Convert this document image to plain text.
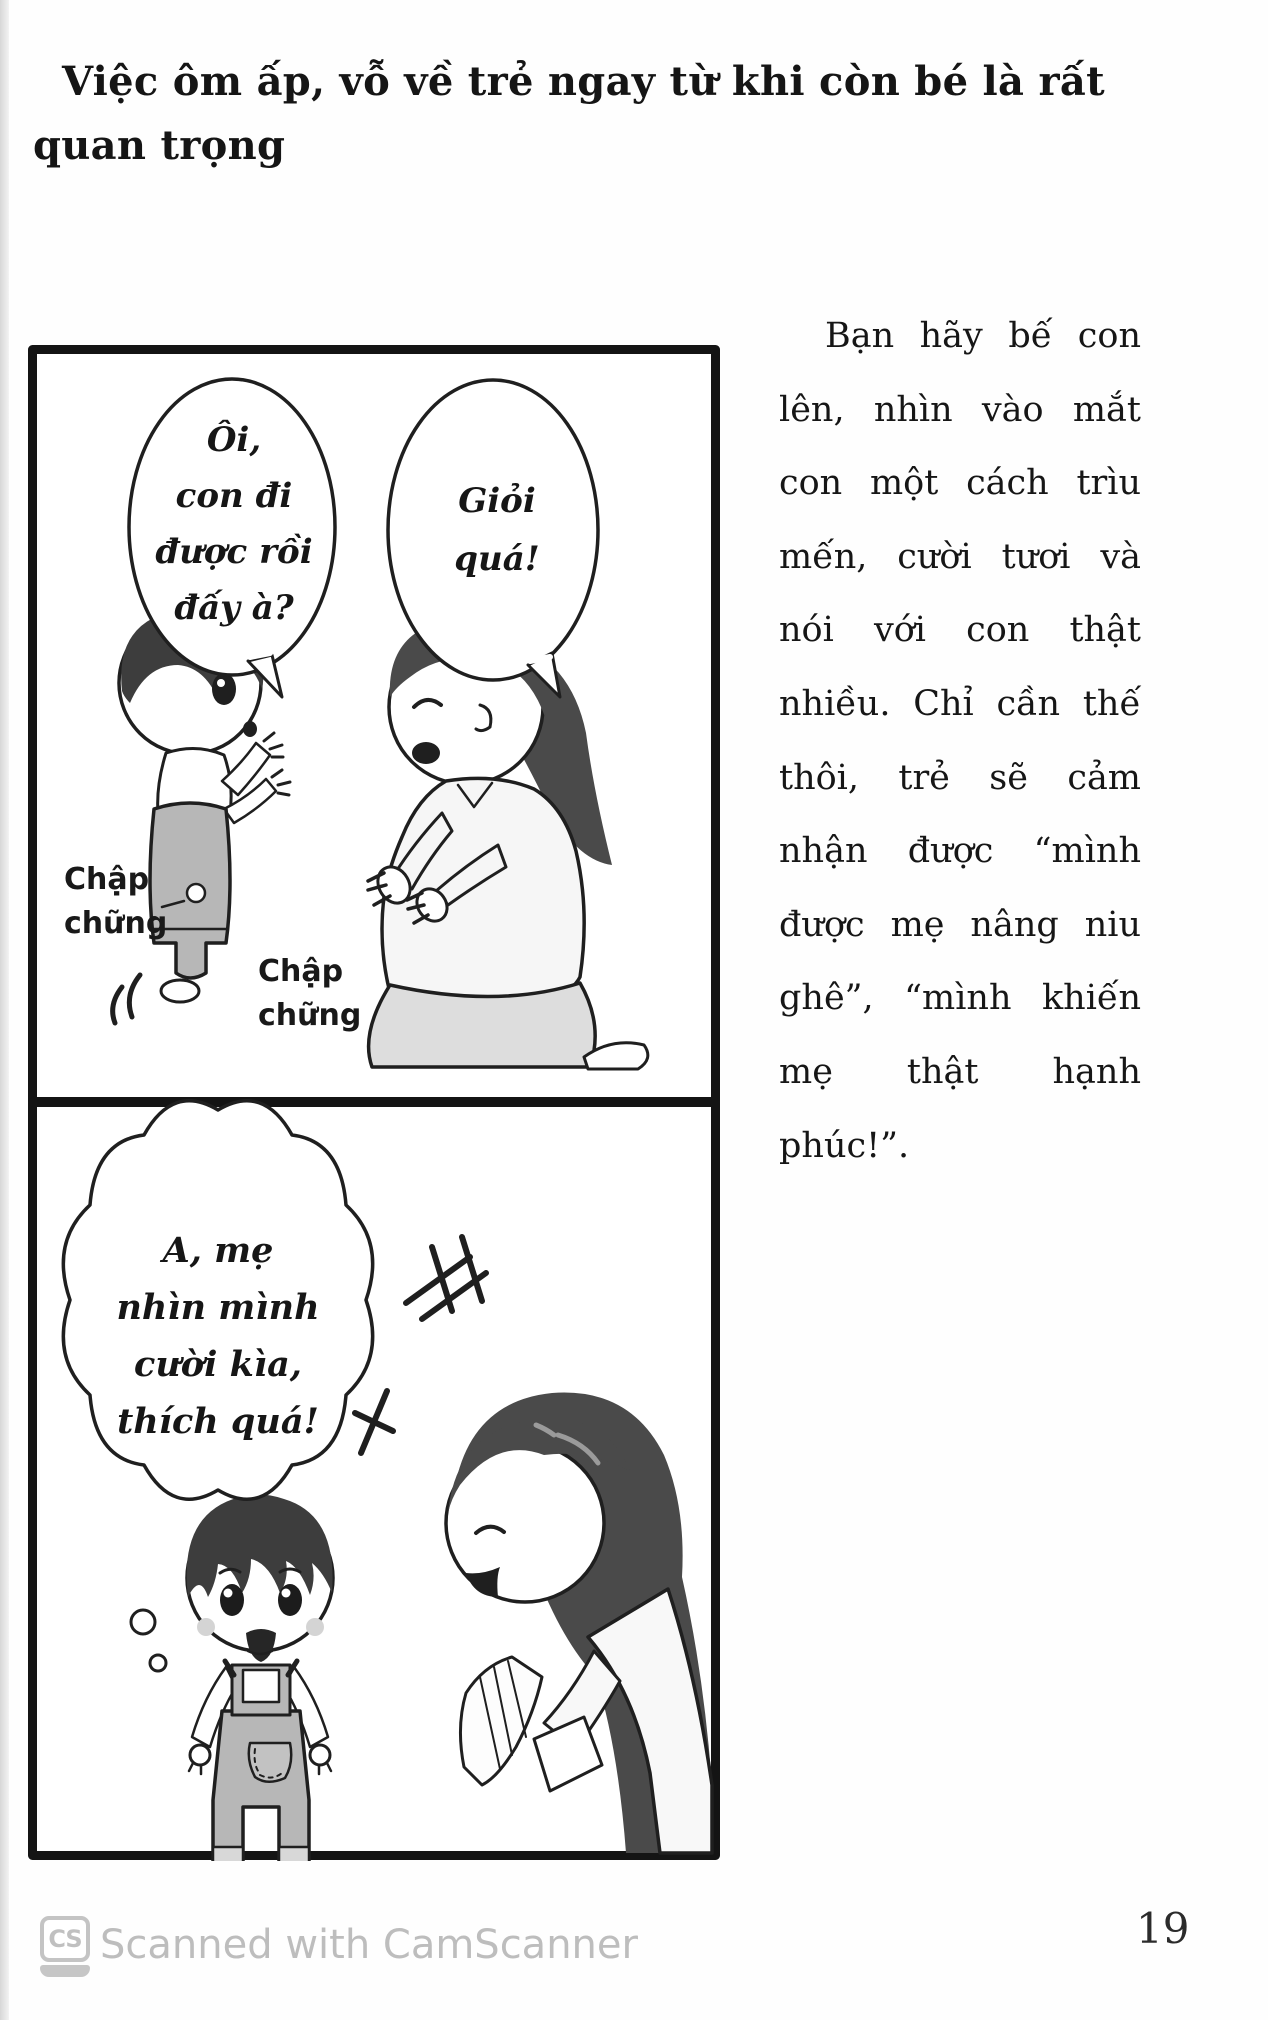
Việc ôm ấp, vỗ về trẻ ngay từ khi còn bé là rất
quan trọng
Ôi,
con đi
được rồi
đấy à?
Giỏi
quá!
Chập
chững
Chập
chững
A, mẹ
nhìn mình
cười kìa,
thích quá!
Bạn hãy bế con
lên, nhìn vào mắt
con một cách trìu
mến, cười tươi và
nói với con thật
nhiều. Chỉ cần thế
thôi, trẻ sẽ cảm
nhận được “mình
được mẹ nâng niu
ghê”, “mình khiến
mẹ thật hạnh
phúc!”.
CS Scanned with CamScanner	19
